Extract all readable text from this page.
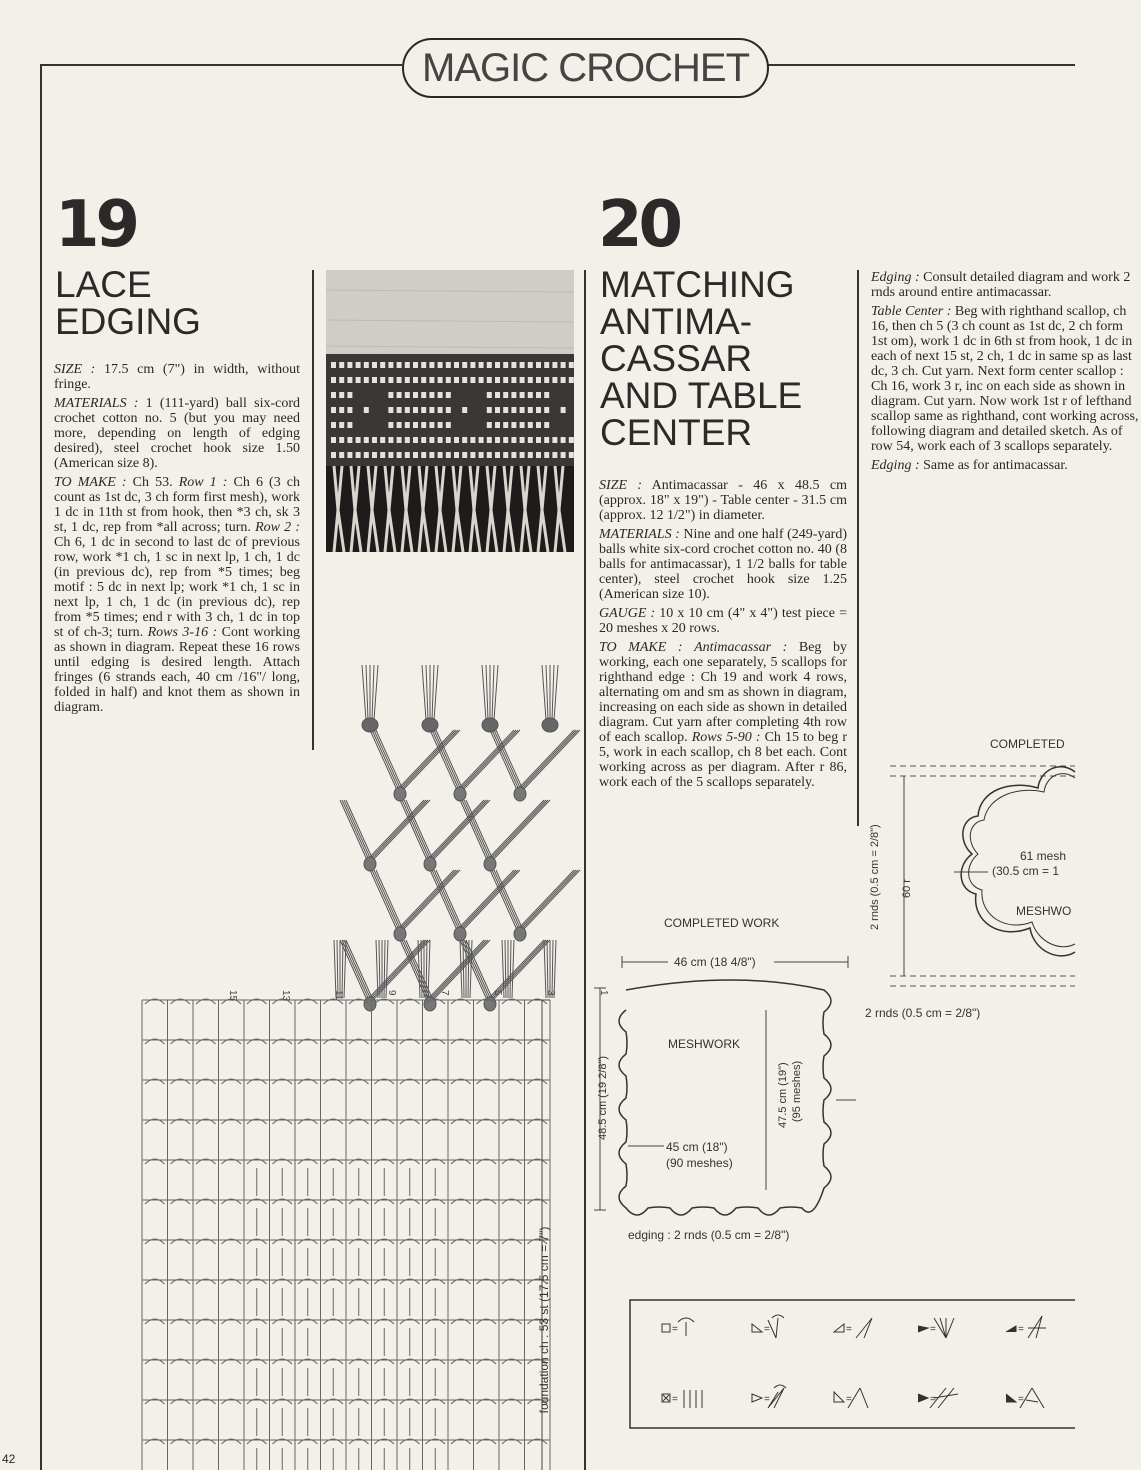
MAGIC CROCHET
42
19
LACE
EDGING

SIZE : 17.5 cm (7") in width, without fringe.

MATERIALS : 1 (111-yard) ball six-cord crochet cotton no. 5 (but you may need more, depending on length of edging desired), steel crochet hook size 1.50 (American size 8).

TO MAKE : Ch 53. Row 1 : Ch 6 (3 ch count as 1st dc, 3 ch form first mesh), work 1 dc in 11th st from hook, then *3 ch, sk 3 st, 1 dc, rep from *all across; turn. Row 2 : Ch 6, 1 dc in second to last dc of previous row, work *1 ch, 1 sc in next lp, 1 ch, 1 dc (in previous dc), rep from *5 times; beg motif : 5 dc in next lp; work *1 ch, 1 sc in next lp, 1 ch, 1 dc (in previous dc), rep from *5 times; end r with 3 ch, 1 dc in top st of ch-3; turn. Rows 3-16 : Cont working as shown in diagram. Repeat these 16 rows until edging is desired length. Attach fringes (6 strands each, 40 cm /16"/ long, folded in half) and knot them as shown in diagram.

foundation ch : 53 st (17.5 cm = 7")
15	13	11	9	7	5	3	1
20
MATCHING
ANTIMA-
CASSAR
AND TABLE
CENTER

SIZE : Antimacassar - 46 x 48.5 cm (approx. 18" x 19") - Table center - 31.5 cm (approx. 12 1/2") in diameter.

MATERIALS : Nine and one half (249-yard) balls white six-cord crochet cotton no. 40 (8 balls for antimacassar), 1 1/2 balls for table center), steel crochet hook size 1.25 (American size 10).

GAUGE : 10 x 10 cm (4" x 4") test piece = 20 meshes x 20 rows.

TO MAKE : Antimacassar : Beg by working, each one separately, 5 scallops for righthand edge : Ch 19 and work 4 rows, alternating om and sm as shown in diagram, increasing on each side as shown in detailed diagram. Cut yarn after completing 4th row of each scallop. Rows 5-90 : Ch 15 to beg r 5, work in each scallop, ch 8 bet each. Cont working across as per diagram. After r 86, work each of the 5 scallops separately.

Edging : Consult detailed diagram and work 2 rnds around entire antimacassar.

Table Center : Beg with righthand scallop, ch 16, then ch 5 (3 ch count as 1st dc, 2 ch form 1st om), work 1 dc in 6th st from hook, 1 dc in each of next 15 st, 2 ch, 1 dc in same sp as last dc, 3 ch. Cut yarn. Next form center scallop : Ch 16, work 3 r, inc on each side as shown in diagram. Cut yarn. Now work 1st r of lefthand scallop same as righthand, cont working across, following diagram and detailed sketch. As of row 54, work each of 3 scallops separately.

Edging : Same as for antimacassar.

COMPLETED WORK
46 cm (18 4/8")
48.5 cm (19 2/8")
MESHWORK
47.5 cm (19") (95 meshes)
45 cm (18")
(90 meshes)
edging : 2 rnds (0.5 cm = 2/8")
COMPLETED
2 rnds (0.5 cm = 2/8") 60 r
61 mesh
(30.5 cm = 1
MESHWO
2 rnds (0.5 cm = 2/8")
=	=	=	=	=
=	=	=	=	=
